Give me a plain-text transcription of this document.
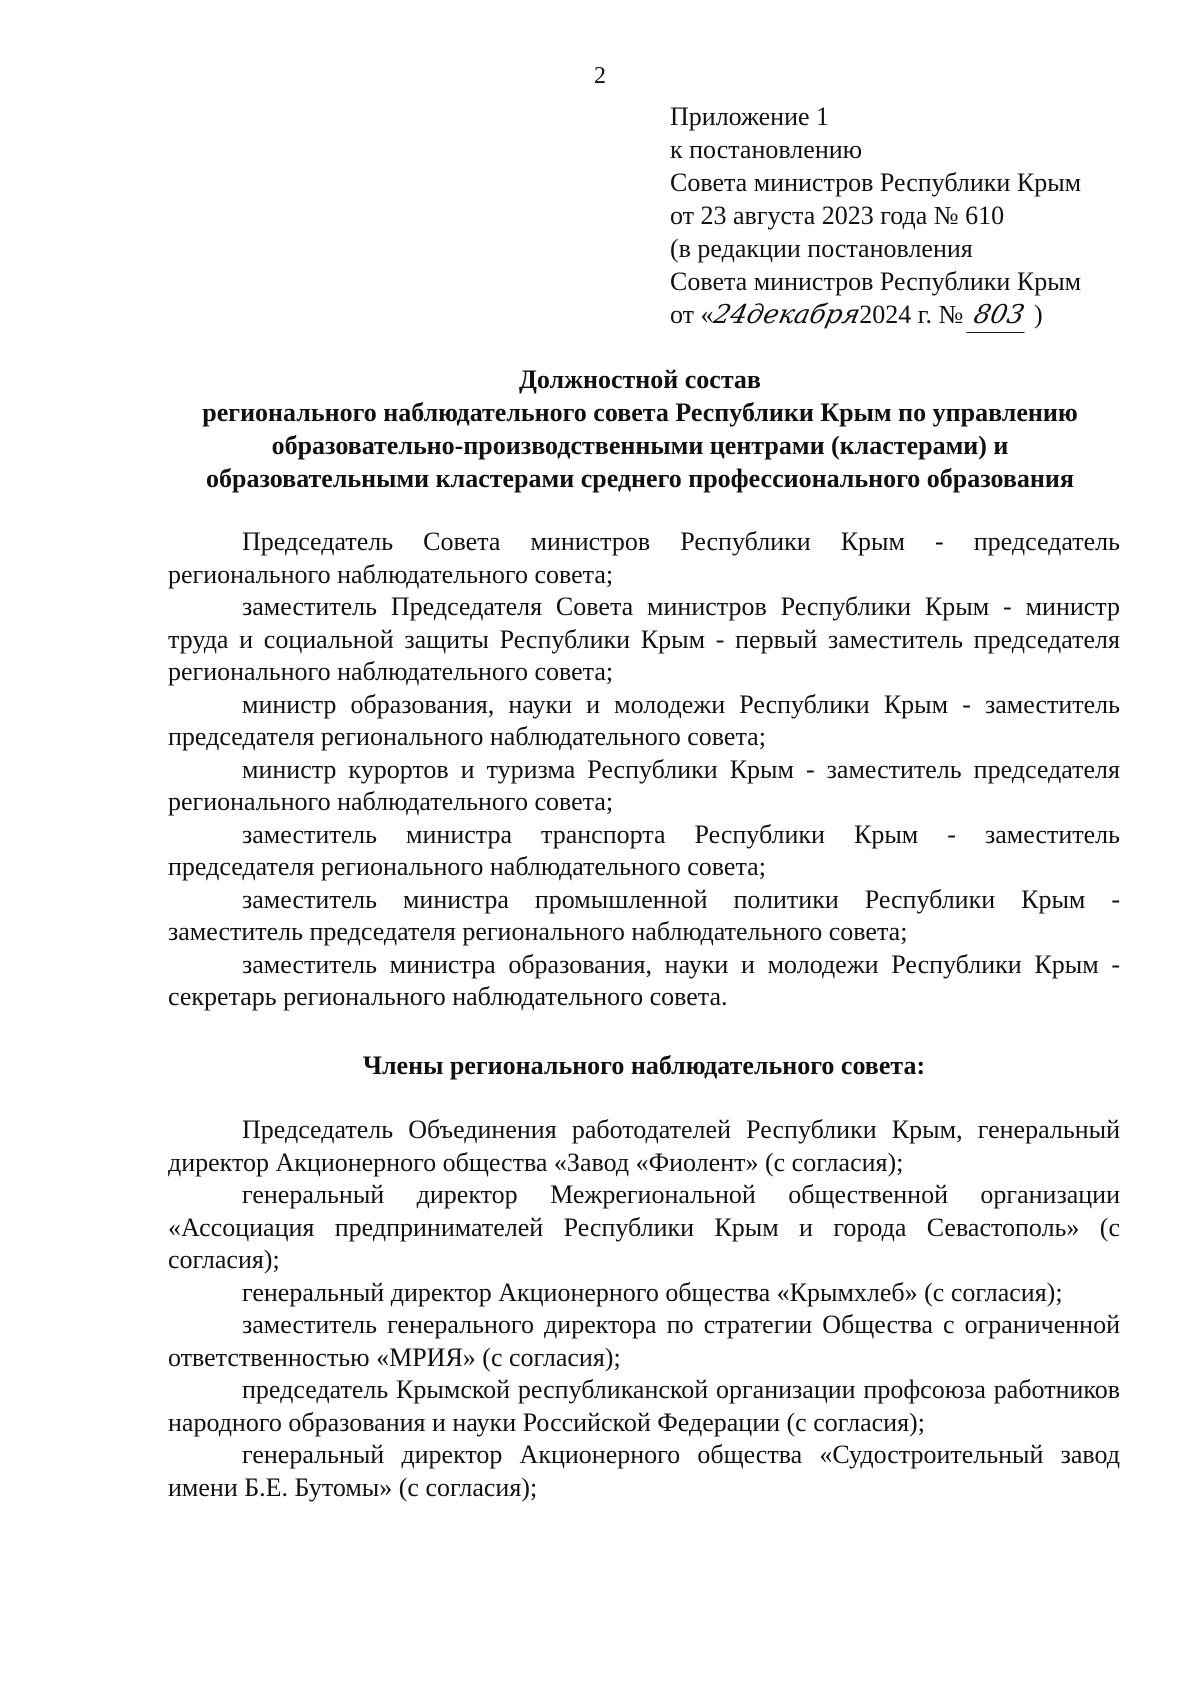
2
Приложение 1
к постановлению
Совета министров Республики Крым
от 23 августа 2023 года № 610
(в редакции постановления
Совета министров Республики Крым
от «24декабря2024 г. № 803 )
Должностной состав
регионального наблюдательного совета Республики Крым по управлению
образовательно-производственными центрами (кластерами) и
образовательными кластерами среднего профессионального образования

Председатель Совета министров Республики Крым - председатель регионального наблюдательного совета;

заместитель Председателя Совета министров Республики Крым - министр труда и социальной защиты Республики Крым - первый заместитель председателя регионального наблюдательного совета;

министр образования, науки и молодежи Республики Крым - заместитель председателя регионального наблюдательного совета;

министр курортов и туризма Республики Крым - заместитель председателя регионального наблюдательного совета;

заместитель министра транспорта Республики Крым - заместитель председателя регионального наблюдательного совета;

заместитель министра промышленной политики Республики Крым - заместитель председателя регионального наблюдательного совета;

заместитель министра образования, науки и молодежи Республики Крым - секретарь регионального наблюдательного совета.

Члены регионального наблюдательного совета:

Председатель Объединения работодателей Республики Крым, генеральный директор Акционерного общества «Завод «Фиолент» (с согласия);

генеральный директор Межрегиональной общественной организации «Ассоциация предпринимателей Республики Крым и города Севастополь» (с согласия);

генеральный директор Акционерного общества «Крымхлеб» (с согласия);

заместитель генерального директора по стратегии Общества с ограниченной ответственностью «МРИЯ» (с согласия);

председатель Крымской республиканской организации профсоюза работников народного образования и науки Российской Федерации (с согласия);

генеральный директор Акционерного общества «Судостроительный завод имени Б.Е. Бутомы» (с согласия);
